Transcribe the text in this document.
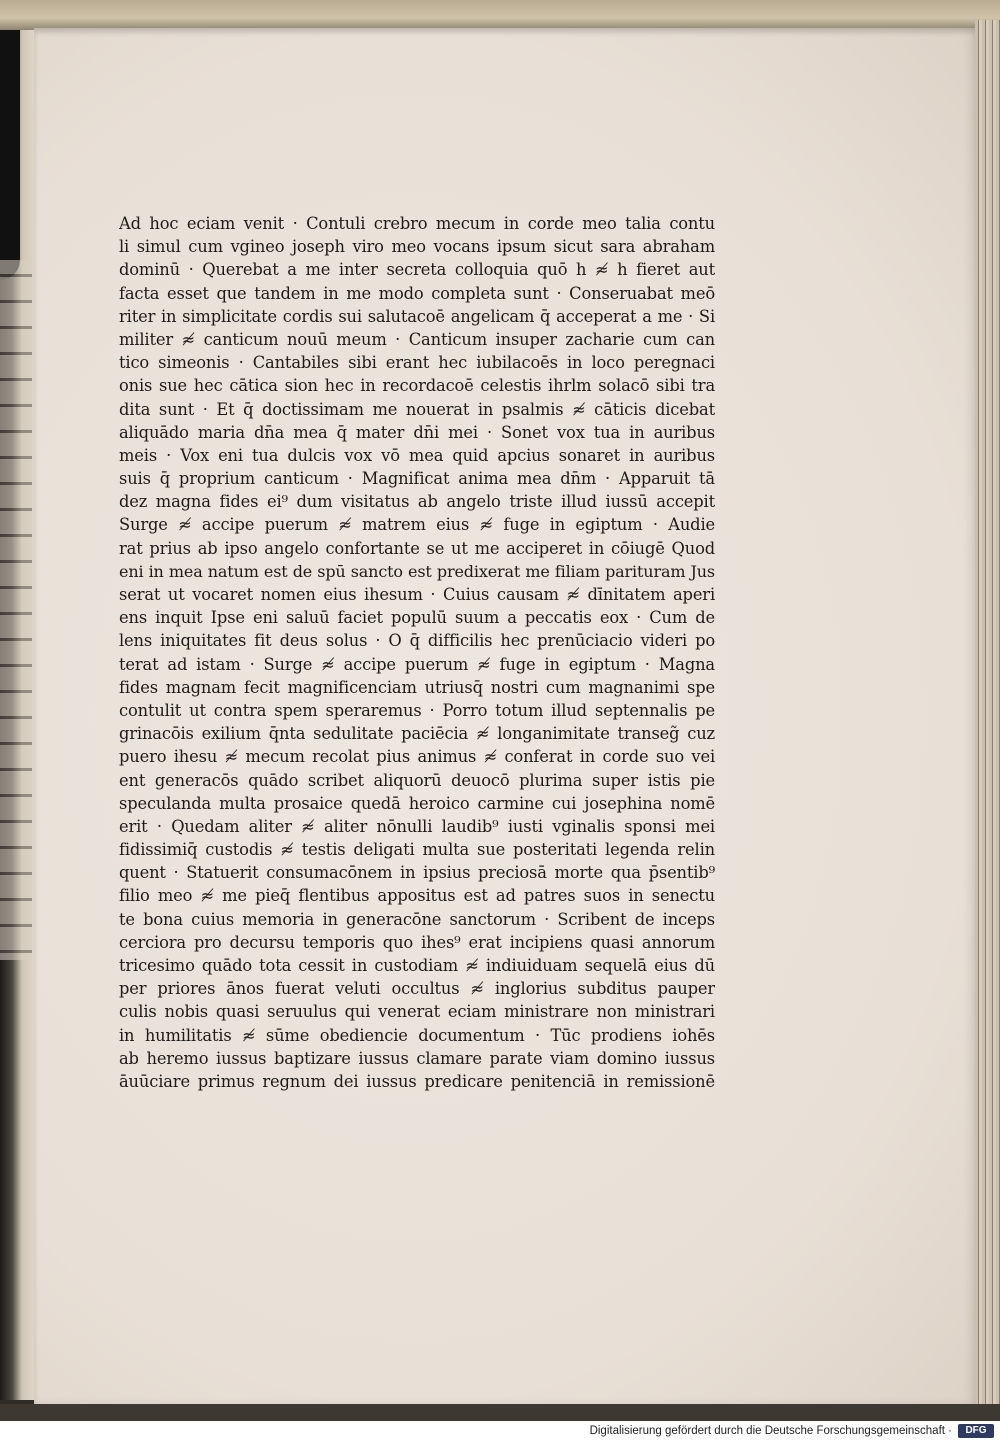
Ad hoc eciam venit · Contuli crebro mecum in corde meo talia contu
li simul cum vgineo joseph viro meo vocans ipsum sicut sara abraham
dominū · Querebat a me inter secreta colloquia quō h ≉ h fieret aut
facta esset que tandem in me modo completa sunt · Conseruabat meō
riter in simplicitate cordis sui salutacoē angelicam q̄ acceperat a me · Si
militer ≉ canticum nouū meum · Canticum insuper zacharie cum can
tico simeonis · Cantabiles sibi erant hec iubilacoēs in loco peregnaci
onis sue hec cātica sion hec in recordacoē celestis ihrlm solacō sibi tra
dita sunt · Et q̄ doctissimam me nouerat in psalmis ≉ cāticis dicebat
aliquādo maria dn̄a mea q̄ mater dn̄i mei · Sonet vox tua in auribus
meis · Vox eni tua dulcis vox vō mea quid apcius sonaret in auribus
suis q̄ proprium canticum · Magnificat anima mea dn̄m · Apparuit tā
dez magna fides ei⁹ dum visitatus ab angelo triste illud iussū accepit
Surge ≉ accipe puerum ≉ matrem eius ≉ fuge in egiptum · Audie
rat prius ab ipso angelo confortante se ut me acciperet in cōiugē Quod
eni in mea natum est de spū sancto est predixerat me filiam parituram Jus
serat ut vocaret nomen eius ihesum · Cuius causam ≉ dīnitatem aperi
ens inquit Ipse eni saluū faciet populū suum a peccatis eox · Cum de
lens iniquitates fit deus solus · O q̄ difficilis hec prenūciacio videri po
terat ad istam · Surge ≉ accipe puerum ≉ fuge in egiptum · Magna
fides magnam fecit magnificenciam utriusq̄ nostri cum magnanimi spe
contulit ut contra spem speraremus · Porro totum illud septennalis pe
grinacōis exilium q̄nta sedulitate paciēcia ≉ longanimitate transeg̃ cuz
puero ihesu ≉ mecum recolat pius animus ≉ conferat in corde suo vei
ent generacōs quādo scribet aliquorū deuocō plurima super istis pie
speculanda multa prosaice quedā heroico carmine cui josephina nomē
erit · Quedam aliter ≉ aliter nōnulli laudib⁹ iusti vginalis sponsi mei
fidissimiq̄ custodis ≉ testis deligati multa sue posteritati legenda relin
quent · Statuerit consumacōnem in ipsius preciosā morte qua p̄sentib⁹
filio meo ≉ me pieq̄ flentibus appositus est ad patres suos in senectu
te bona cuius memoria in generacōne sanctorum · Scribent de inceps
cerciora pro decursu temporis quo ihes⁹ erat incipiens quasi annorum
tricesimo quādo tota cessit in custodiam ≉ indiuiduam sequelā eius dū
per priores ānos fuerat veluti occultus ≉ inglorius subditus pauper
culis nobis quasi seruulus qui venerat eciam ministrare non ministrari
in humilitatis ≉ sūme obediencie documentum · Tūc prodiens iohēs
ab heremo iussus baptizare iussus clamare parate viam domino iussus
āuūciare primus regnum dei iussus predicare penitenciā in remissionē
Digitalisierung gefördert durch die Deutsche Forschungsgemeinschaft ·	DFG
